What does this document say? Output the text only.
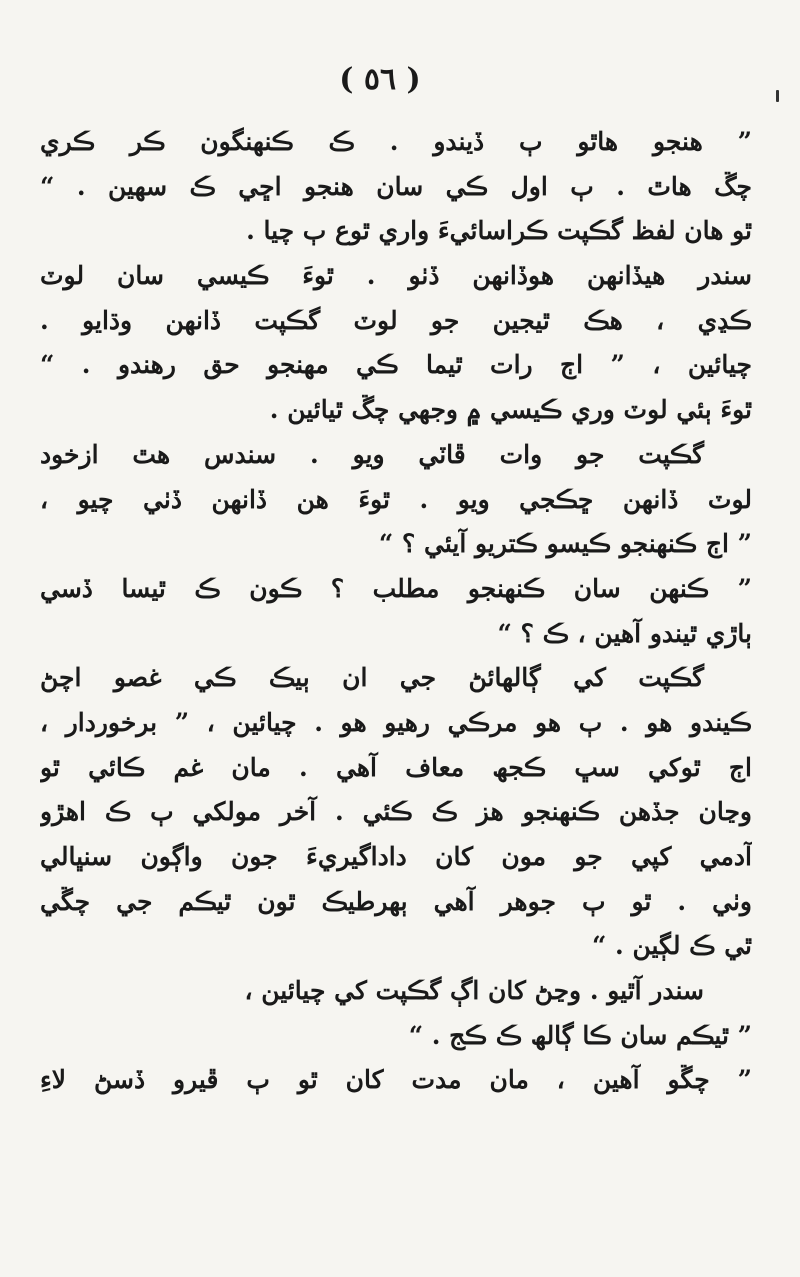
( ٥٦ )
” ھنجو ھاٿو ٻ ڏيندو . ڪ ڪنھنگون ڪر ڪري
چڱ ھاٿ . ٻ اول ڪي سان ھنجو اڇي ڪ سھين . “
ٿو ھان لفظ گڪپت ڪراسائيءَ واري ٿوع ٻ چيا .
سندر ھيڏانھن ھوڏانھن ڏٺو . ٿوءَ ڪيسي سان لوٽ
ڪڍي ، ھڪ ٿيجين جو لوٽ گڪپت ڏانھن وڌايو .
چيائين ، ” اڄ رات ٿيما ڪي مھنجو حق رھندو . “
ٿوءَ ٻئي لوٽ وري ڪيسي ۾ وجھي چڱ ٿيائين .
گڪپت جو وات ڦاٽي ويو . سندس ھٿ ازخود
لوٽ ڏانھن ڇڪجي ويو . ٿوءَ ھن ڏانھن ڏٺي چيو ،
” اڄ ڪنھنجو ڪيسو ڪتريو آيئي ؟ “
” ڪنھن سان ڪنھنجو مطلب ؟ ڪون ڪ ٿيسا ڏسي
ٻاڙي ٿيندو آھين ، ڪ ؟ “
گڪپت کي ڳالھائڻ جي ان ٻيڪ ڪي غصو اچڻ
ڪيندو ھو . ٻ ھو مرڪي رھيو ھو . چيائين ، ” برخوردار ،
اڄ ٿوکي سڀ ڪجھ معاف آھي . مان غم ڪائي ٿو
وڃان جڏھن ڪنھنجو ھز ڪ ڪئي . آخر مولکي ٻ ڪ اھڙو
آدمي کپي جو مون کان داداگيريءَ جون واڳون سنڀالي
وٺي . ٿو ٻ جوھر آھي ٻھرطيڪ ٿون ٿيڪم جي چڱي
ٿي ڪ لڳين . “
سندر آٿيو . وڃڻ کان اڳ گڪپت کي چيائين ،
” ٿيڪم سان ڪا ڳالھ ڪ ڪج . “
” چڱو آھين ، مان مدت کان ٿو ٻ ڦيرو ڏسڻ لاءِ
